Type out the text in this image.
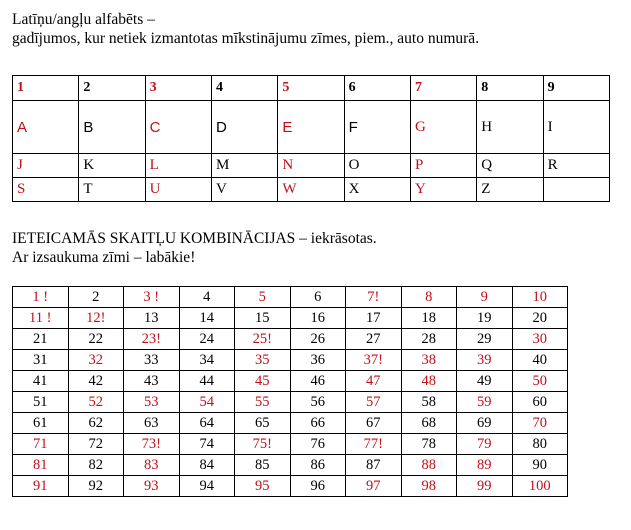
Latīņu/angļu alfabēts –
gadījumos, kur netiek izmantotas mīkstinājumu zīmes, piem., auto numurā.
1	2	3	4	5	6	7	8	9
A	B	C	D	E	F	G	H	I
J	K	L	M	N	O	P	Q	R
S	T	U	V	W	X	Y	Z	
IETEICAMĀS SKAITĻU KOMBINĀCIJAS – iekrāsotas.
Ar izsaukuma zīmi – labākie!
1 !	2	3 !	4	5	6	7!	8	9	10
11 !	12!	13	14	15	16	17	18	19	20
21	22	23!	24	25!	26	27	28	29	30
31	32	33	34	35	36	37!	38	39	40
41	42	43	44	45	46	47	48	49	50
51	52	53	54	55	56	57	58	59	60
61	62	63	64	65	66	67	68	69	70
71	72	73!	74	75!	76	77!	78	79	80
81	82	83	84	85	86	87	88	89	90
91	92	93	94	95	96	97	98	99	100
